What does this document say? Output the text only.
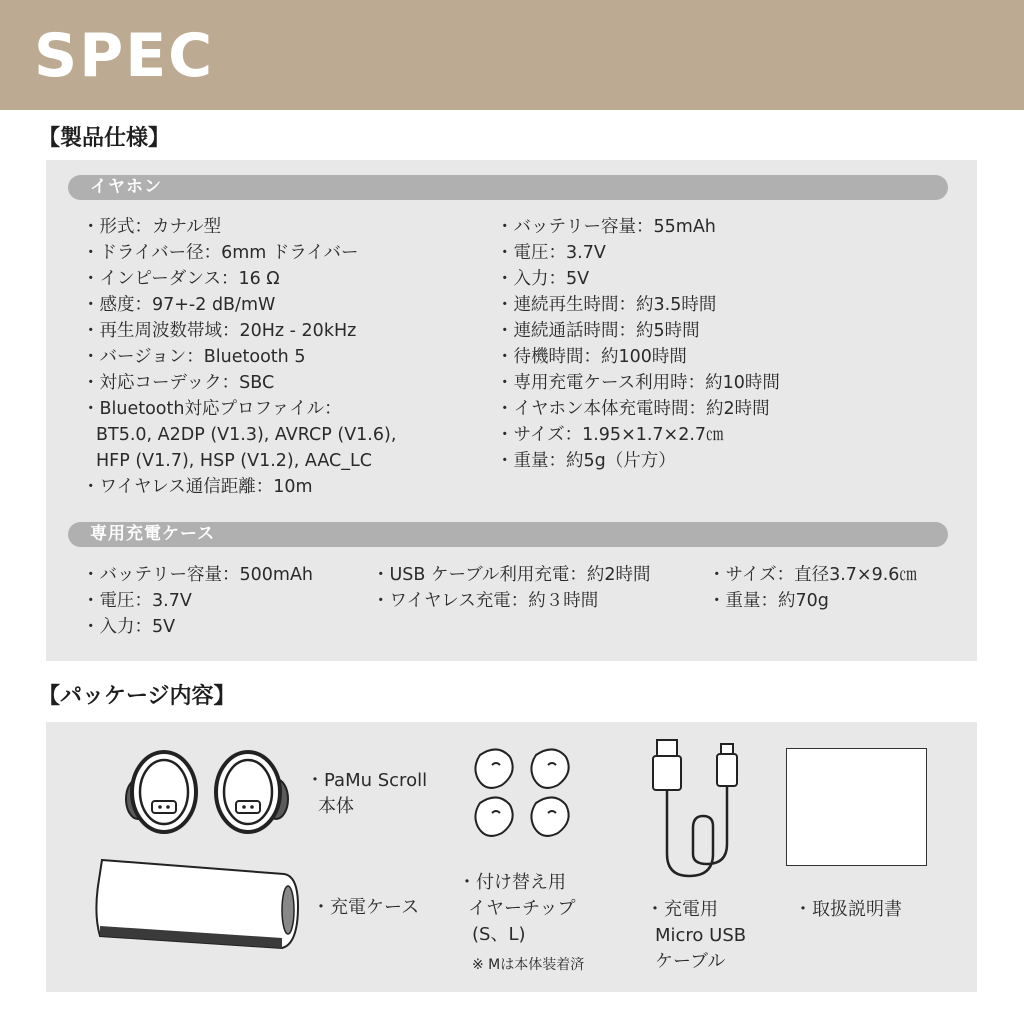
SPEC
【製品仕様】
イヤホン
・形式：カナル型
・ドライバー径：6mm ドライバー
・インピーダンス：16 Ω
・感度：97+-2 dB/mW
・再生周波数帯域：20Hz - 20kHz
・バージョン：Bluetooth 5
・対応コーデック：SBC
・Bluetooth対応プロファイル：
BT5.0, A2DP (V1.3), AVRCP (V1.6),
HFP (V1.7), HSP (V1.2), AAC_LC
・ワイヤレス通信距離：10m
・バッテリー容量：55mAh
・電圧：3.7V
・入力：5V
・連続再生時間：約3.5時間
・連続通話時間：約5時間
・待機時間：約100時間
・専用充電ケース利用時：約10時間
・イヤホン本体充電時間：約2時間
・サイズ：1.95×1.7×2.7㎝
・重量：約5g（片方）
専用充電ケース
・バッテリー容量：500mAh
・電圧：3.7V
・入力：5V
・USB ケーブル利用充電：約2時間
・ワイヤレス充電：約３時間
・サイズ：直径3.7×9.6㎝
・重量：約70g
【パッケージ内容】
・PaMu Scroll
本体
・充電ケース
・付け替え用
イヤーチップ
(S、L)
※ Mは本体装着済
・充電用
Micro USB
ケーブル
・取扱説明書
